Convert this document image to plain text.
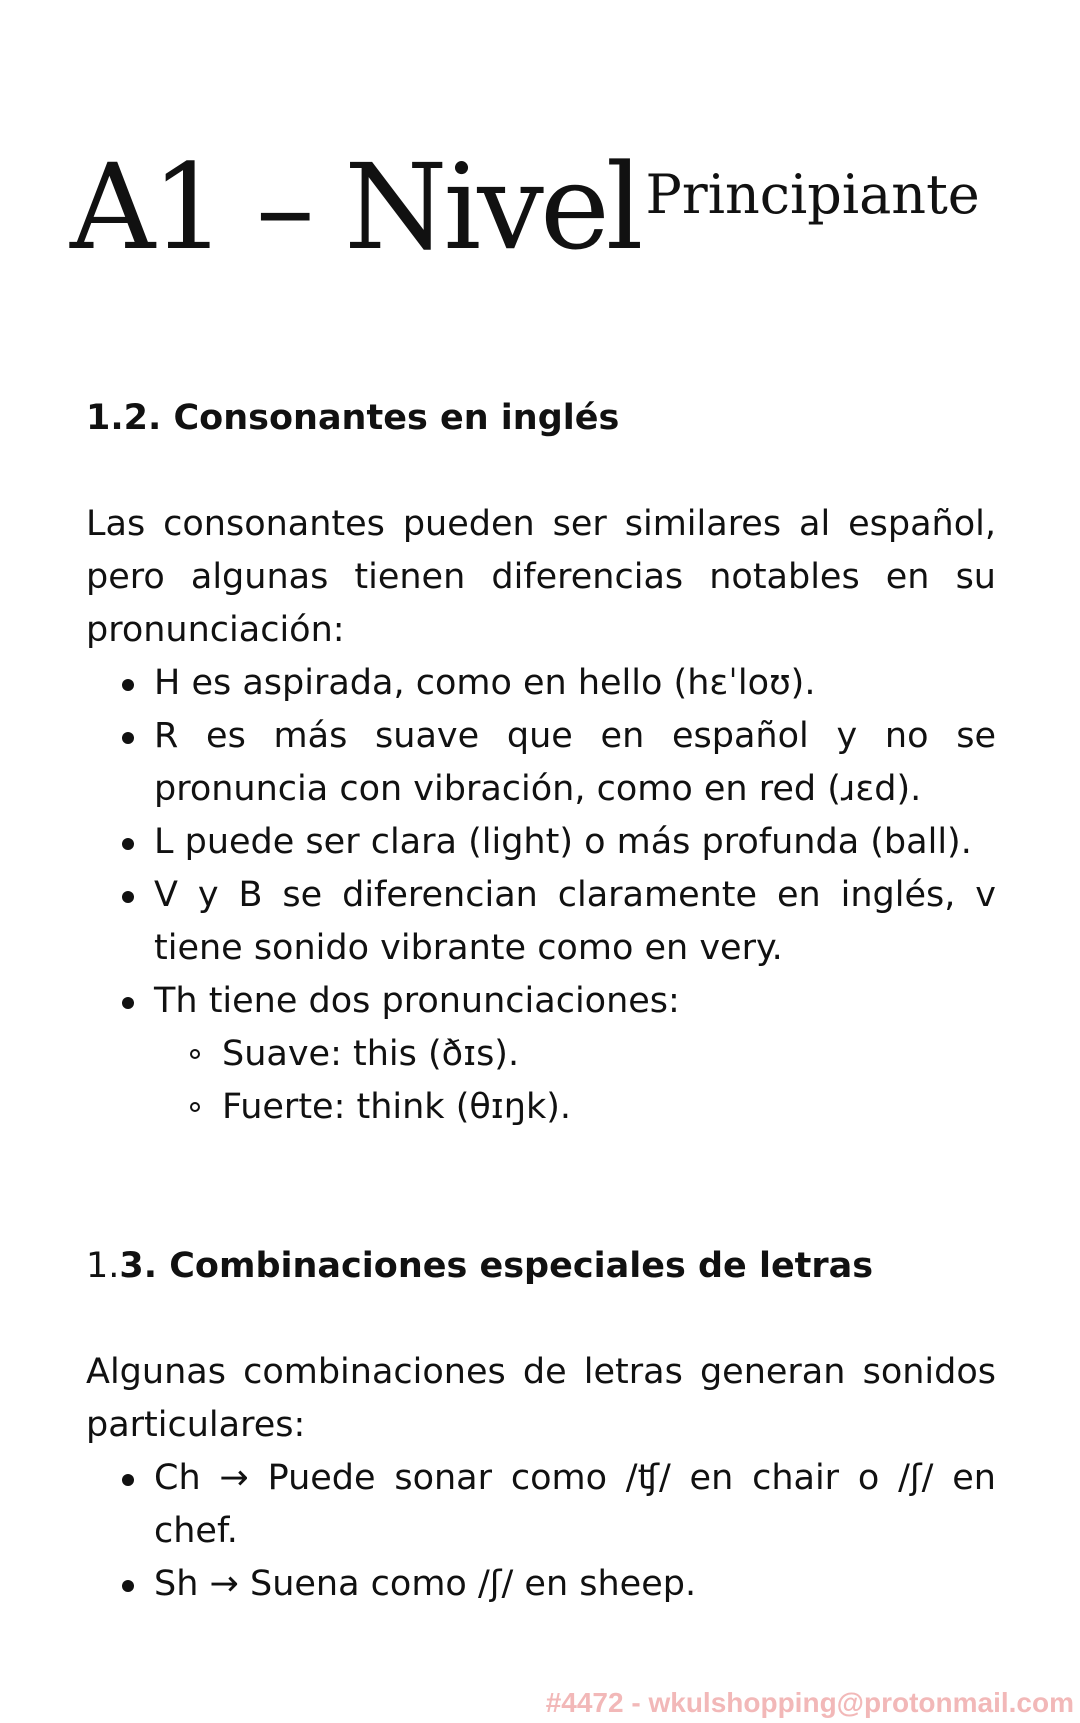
A1 – Nivel Principiante
1.2. Consonantes en inglés

Las consonantes pueden ser similares al español, pero algunas tienen diferencias notables en su pronunciación:

H es aspirada, como en hello (hɛˈloʊ).
R es más suave que en español y no se pronuncia con vibración, como en red (ɹɛd).
L puede ser clara (light) o más profunda (ball).
V y B se diferencian claramente en inglés, v tiene sonido vibrante como en very.
Th tiene dos pronunciaciones:
Suave: this (ðɪs).
Fuerte: think (θɪŋk).
1.3. Combinaciones especiales de letras

Algunas combinaciones de letras generan sonidos particulares:

Ch → Puede sonar como /ʧ/ en chair o /ʃ/ en chef.
Sh → Suena como /ʃ/ en sheep.
#4472 - wkulshopping@protonmail.com
